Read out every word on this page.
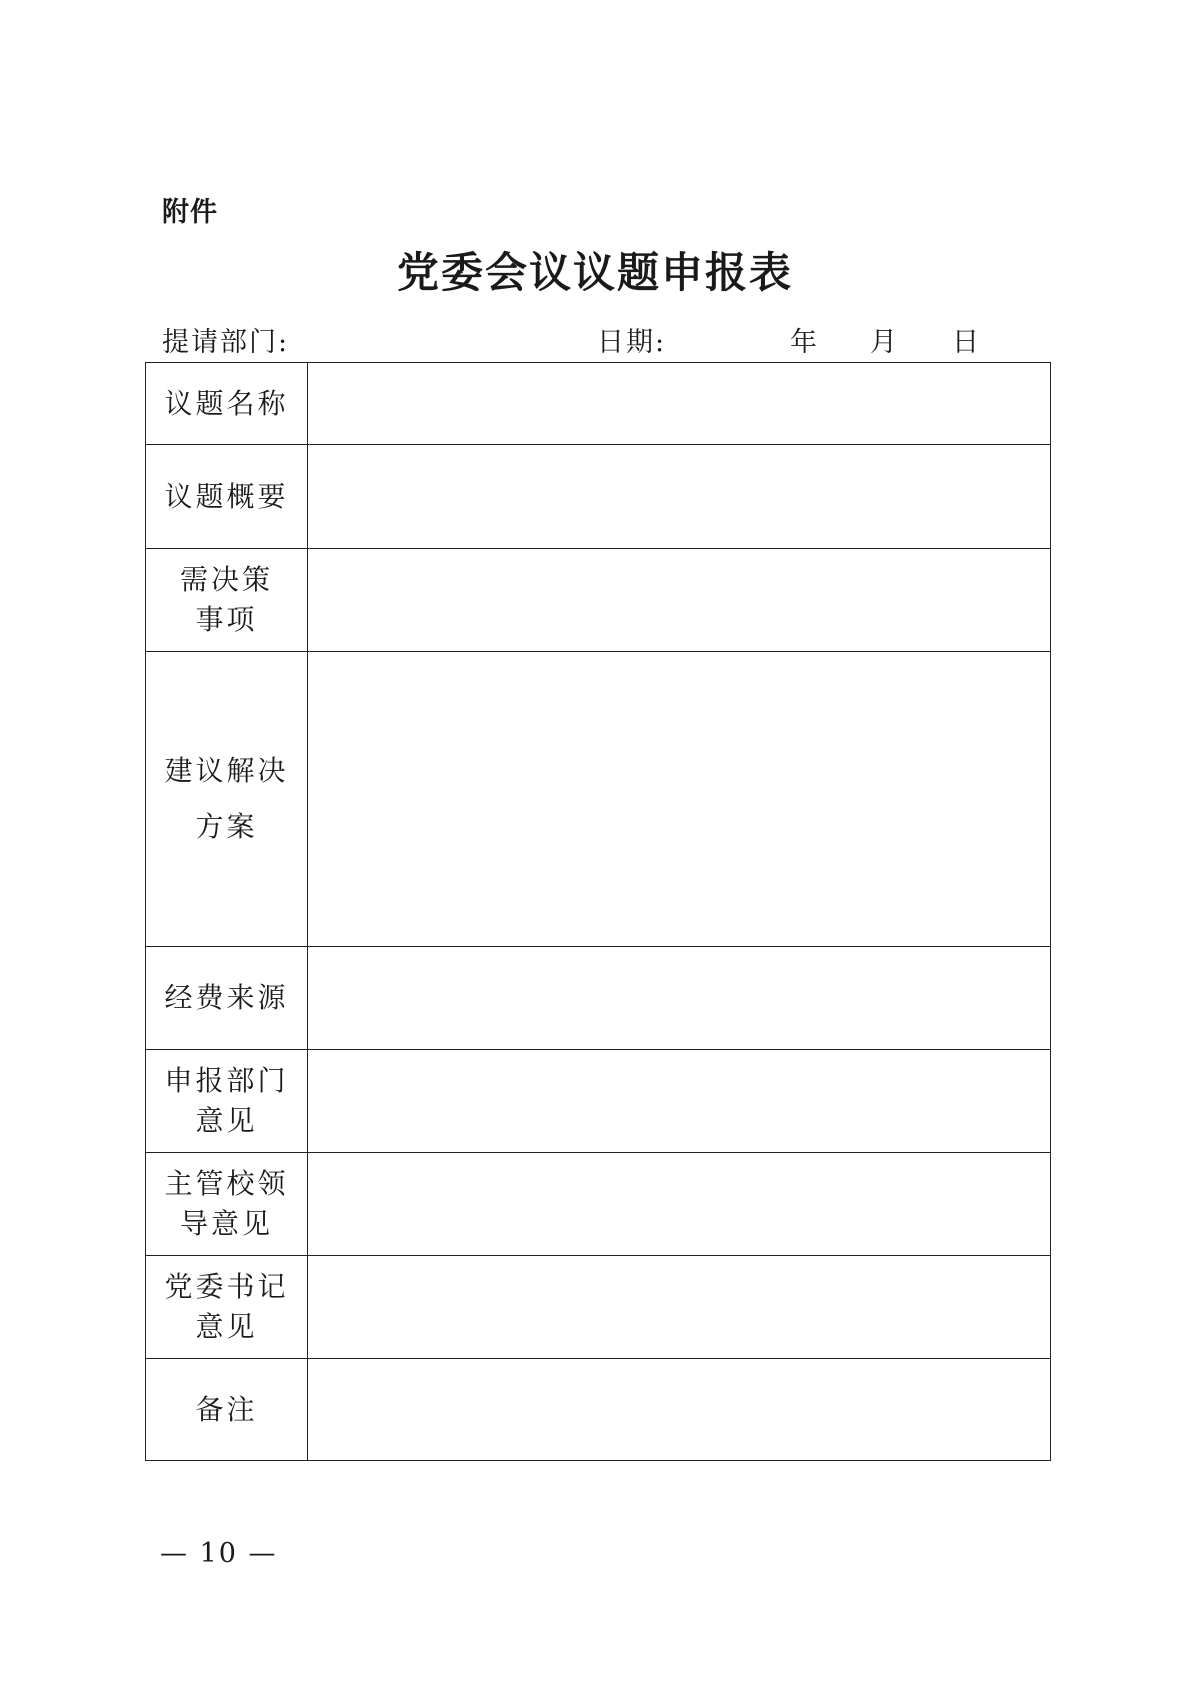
附件
党委会议议题申报表
提请部门:	日期:	年 月 日
议题名称	
议题概要	
需决策事项	
建议解决方案	
经费来源	
申报部门意见	
主管校领导意见	
党委书记意见	
备注	
— 10 —
